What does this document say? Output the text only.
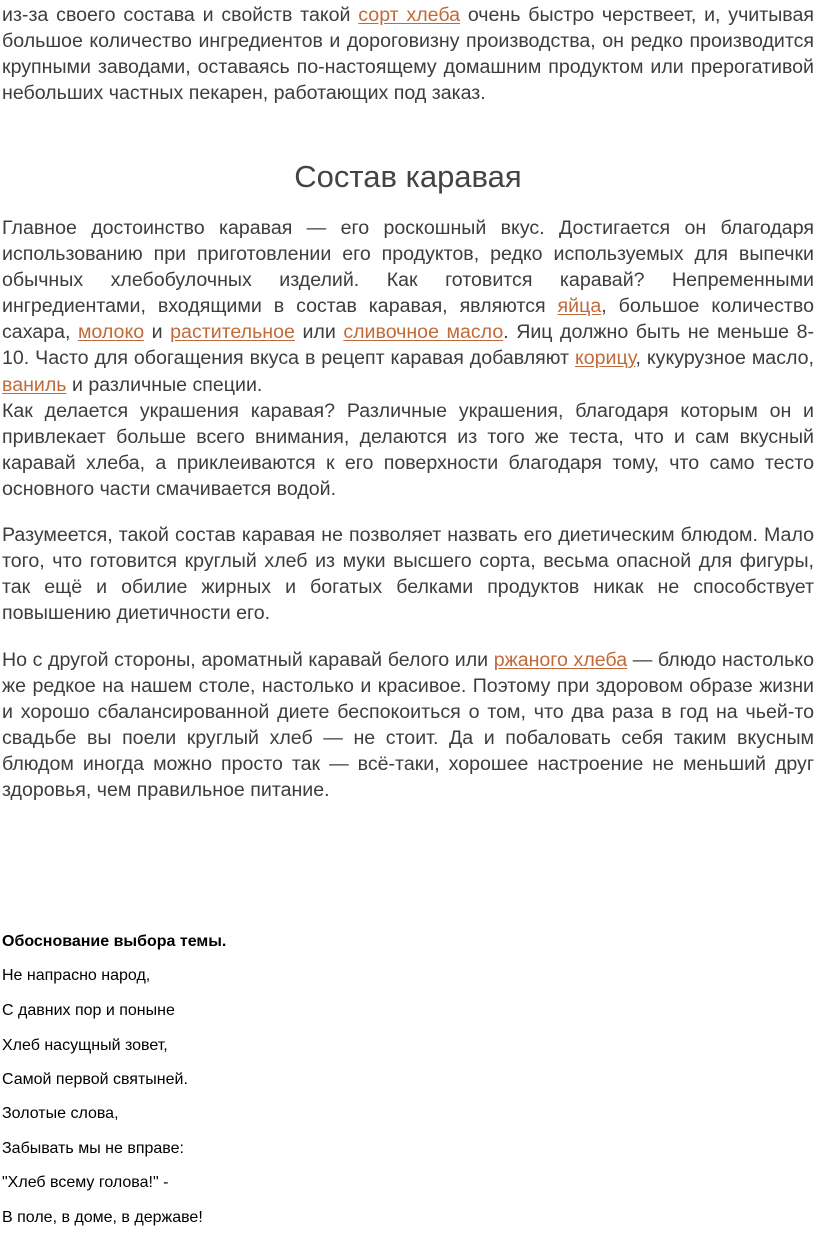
из-за своего состава и свойств такой сорт хлеба очень быстро черствеет, и, учитывая большое количество ингредиентов и дороговизну производства, он редко производится крупными заводами, оставаясь по-настоящему домашним продуктом или прерогативой небольших частных пекарен, работающих под заказ.

Состав каравая

Главное достоинство каравая — его роскошный вкус. Достигается он благодаря использованию при приготовлении его продуктов, редко используемых для выпечки обычных хлебобулочных изделий. Как готовится каравай? Непременными ингредиентами, входящими в состав каравая, являются яйца, большое количество сахара, молоко и растительное или сливочное масло. Яиц должно быть не меньше 8-10. Часто для обогащения вкуса в рецепт каравая добавляют корицу, кукурузное масло, ваниль и различные специи.

Как делается украшения каравая? Различные украшения, благодаря которым он и привлекает больше всего внимания, делаются из того же теста, что и сам вкусный каравай хлеба, а приклеиваются к его поверхности благодаря тому, что само тесто основного части смачивается водой.

Разумеется, такой состав каравая не позволяет назвать его диетическим блюдом. Мало того, что готовится круглый хлеб из муки высшего сорта, весьма опасной для фигуры, так ещё и обилие жирных и богатых белками продуктов никак не способствует повышению диетичности его.

Но с другой стороны, ароматный каравай белого или ржаного хлеба — блюдо настолько же редкое на нашем столе, настолько и красивое. Поэтому при здоровом образе жизни и хорошо сбалансированной диете беспокоиться о том, что два раза в год на чьей-то свадьбе вы поели круглый хлеб — не стоит. Да и побаловать себя таким вкусным блюдом иногда можно просто так — всё-таки, хорошее настроение не меньший друг здоровья, чем правильное питание.

Обоснование выбора темы.

Не напрасно народ,

С давних пор и поныне

Хлеб насущный зовет,

Самой первой святыней.

Золотые слова,

Забывать мы не вправе:

"Хлеб всему голова!" -

В поле, в доме, в державе!
